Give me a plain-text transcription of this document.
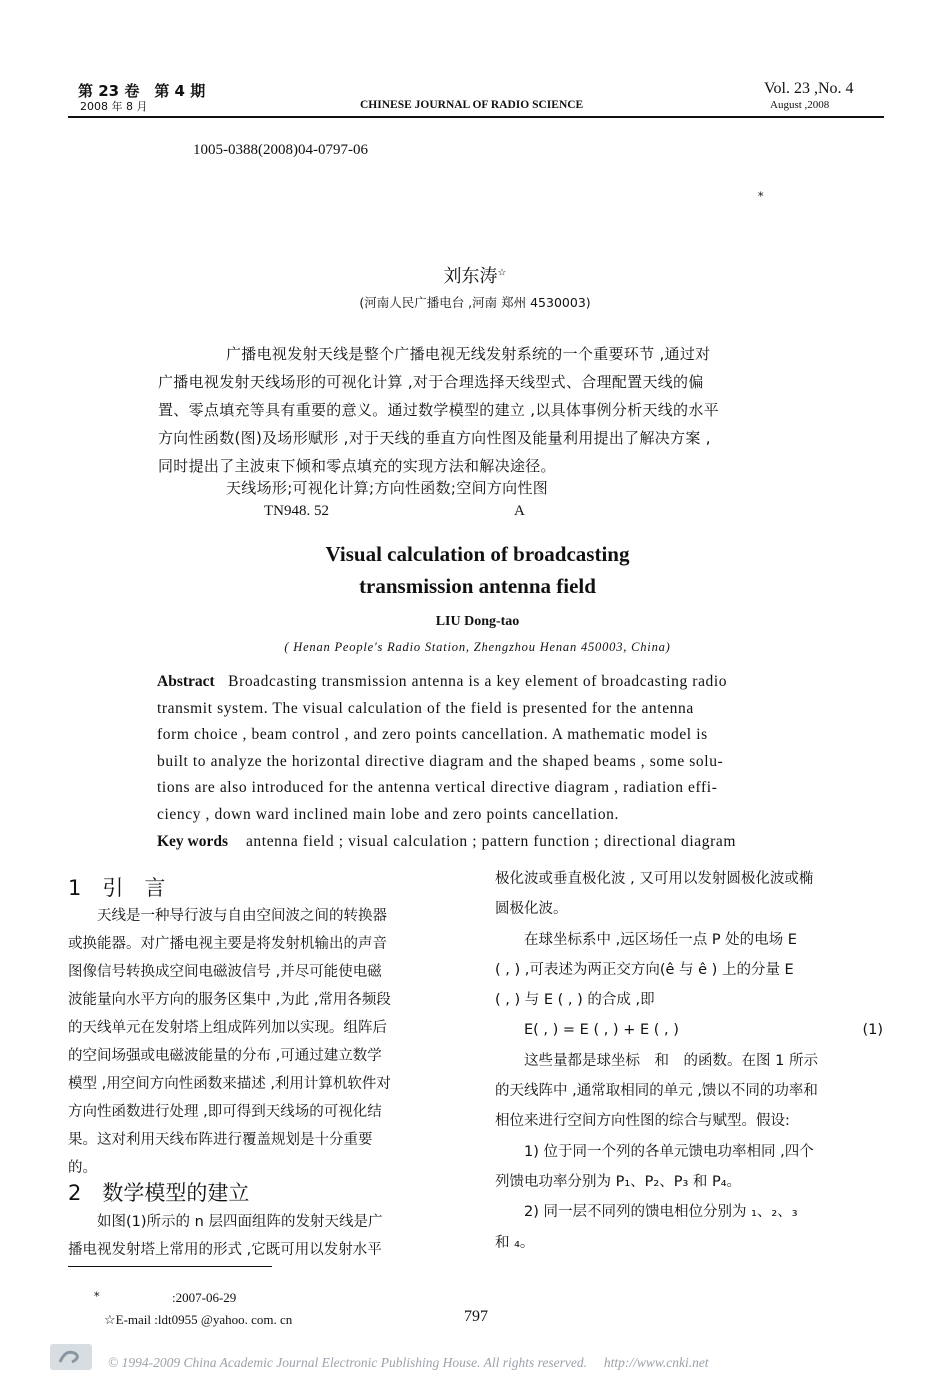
第 23 卷　第 4 期
2008 年 8 月	CHINESE JOURNAL OF RADIO SCIENCE
Vol. 23 ,No. 4
August ,2008
1005-0388(2008)04-0797-06
*
刘东涛☆
(河南人民广播电台 ,河南 郑州 4530003)

广播电视发射天线是整个广播电视无线发射系统的一个重要环节 ,通过对

广播电视发射天线场形的可视化计算 ,对于合理选择天线型式、合理配置天线的偏

置、零点填充等具有重要的意义。通过数学模型的建立 ,以具体事例分析天线的水平

方向性函数(图)及场形赋形 ,对于天线的垂直方向性图及能量利用提出了解决方案 ,

同时提出了主波束下倾和零点填充的实现方法和解决途径。

天线场形;可视化计算;方向性函数;空间方向性图
TN948. 52	A
Visual calculation of broadcasting
transmission antenna field
LIU Dong-tao
( Henan People's Radio Station, Zhengzhou Henan 450003, China)

Abstract Broadcasting transmission antenna is a key element of broadcasting radio

transmit system. The visual calculation of the field is presented for the antenna

form choice , beam control , and zero points cancellation. A mathematic model is

built to analyze the horizontal directive diagram and the shaped beams , some solu-

tions are also introduced for the antenna vertical directive diagram , radiation effi-

ciency , down ward inclined main lobe and zero points cancellation.

Key words antenna field ; visual calculation ; pattern function ; directional diagram

1　引　言

　　天线是一种导行波与自由空间波之间的转换器

或换能器。对广播电视主要是将发射机输出的声音

图像信号转换成空间电磁波信号 ,并尽可能使电磁

波能量向水平方向的服务区集中 ,为此 ,常用各频段

的天线单元在发射塔上组成阵列加以实现。组阵后

的空间场强或电磁波能量的分布 ,可通过建立数学

模型 ,用空间方向性函数来描述 ,利用计算机软件对

方向性函数进行处理 ,即可得到天线场的可视化结

果。这对利用天线布阵进行覆盖规划是十分重要

的。

2　数学模型的建立

　　如图(1)所示的 n 层四面组阵的发射天线是广

播电视发射塔上常用的形式 ,它既可用以发射水平

极化波或垂直极化波 , 又可用以发射圆极化波或椭

圆极化波。

　　在球坐标系中 ,远区场任一点 P 处的电场 E

( , ) ,可表述为两正交方向(ê 与 ê ) 上的分量 E

( , ) 与 E ( , ) 的合成 ,即

　　E( , ) = E ( , ) + E ( , )	(1)

　　这些量都是球坐标　和　的函数。在图 1 所示

的天线阵中 ,通常取相同的单元 ,馈以不同的功率和

相位来进行空间方向性图的综合与赋型。假设:

　　1) 位于同一个列的各单元馈电功率相同 ,四个

列馈电功率分别为 P₁、P₂、P₃ 和 P₄。

　　2) 同一层不同列的馈电相位分别为 ₁、₂、₃

和 ₄。

*	:2007-06-29
☆E-mail :ldt0955 @yahoo. com. cn	797
© 1994-2009 China Academic Journal Electronic Publishing House. All rights reserved.　 http://www.cnki.net
